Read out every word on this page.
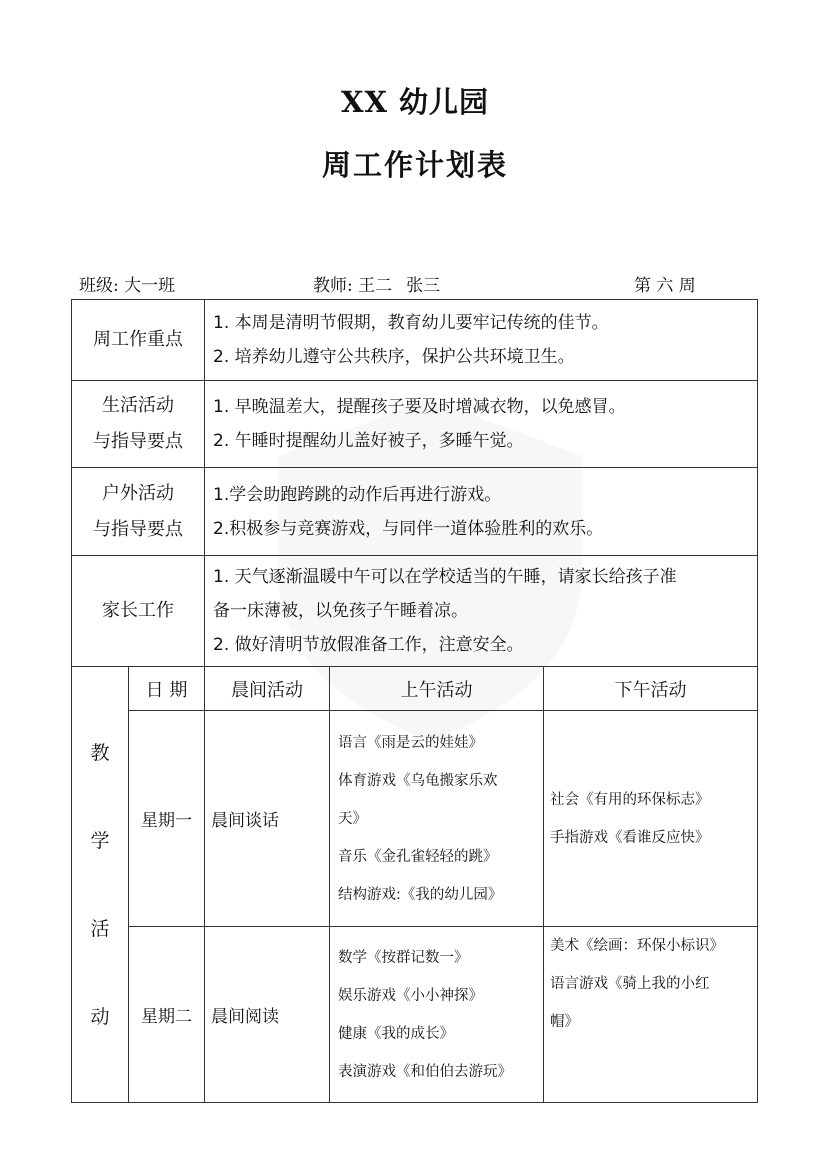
XX 幼儿园
周工作计划表
班级: 大一班	教师: 王二 张三	第 六 周
周工作重点		1. 本周是清明节假期，教育幼儿要牢记传统的佳节。
2. 培养幼儿遵守公共秩序，保护公共环境卫生。		

生活活动
与指导要点		1. 早晚温差大，提醒孩子要及时增减衣物，以免感冒。
2. 午睡时提醒幼儿盖好被子，多睡午觉。		

户外活动
与指导要点		1.学会助跑跨跳的动作后再进行游戏。
2.积极参与竞赛游戏，与同伴一道体验胜利的欢乐。		

家长工作		1. 天气逐渐温暖中午可以在学校适当的午睡，请家长给孩子准
备一床薄被，以免孩子午睡着凉。
2. 做好清明节放假准备工作，注意安全。		

教
学
活
动	日 期	晨间活动	上午活动	下午活动
	星期一	晨间谈话	语言《雨是云的娃娃》
体育游戏《乌龟搬家乐欢
天》
音乐《金孔雀轻轻的跳》
结构游戏:《我的幼儿园》	社会《有用的环保标志》
手指游戏《看谁反应快》

	星期二	晨间阅读	数学《按群记数一》
娱乐游戏《小小神探》
健康《我的成长》
表演游戏《和伯伯去游玩》	美术《绘画：环保小标识》
语言游戏《骑上我的小红
帽》
